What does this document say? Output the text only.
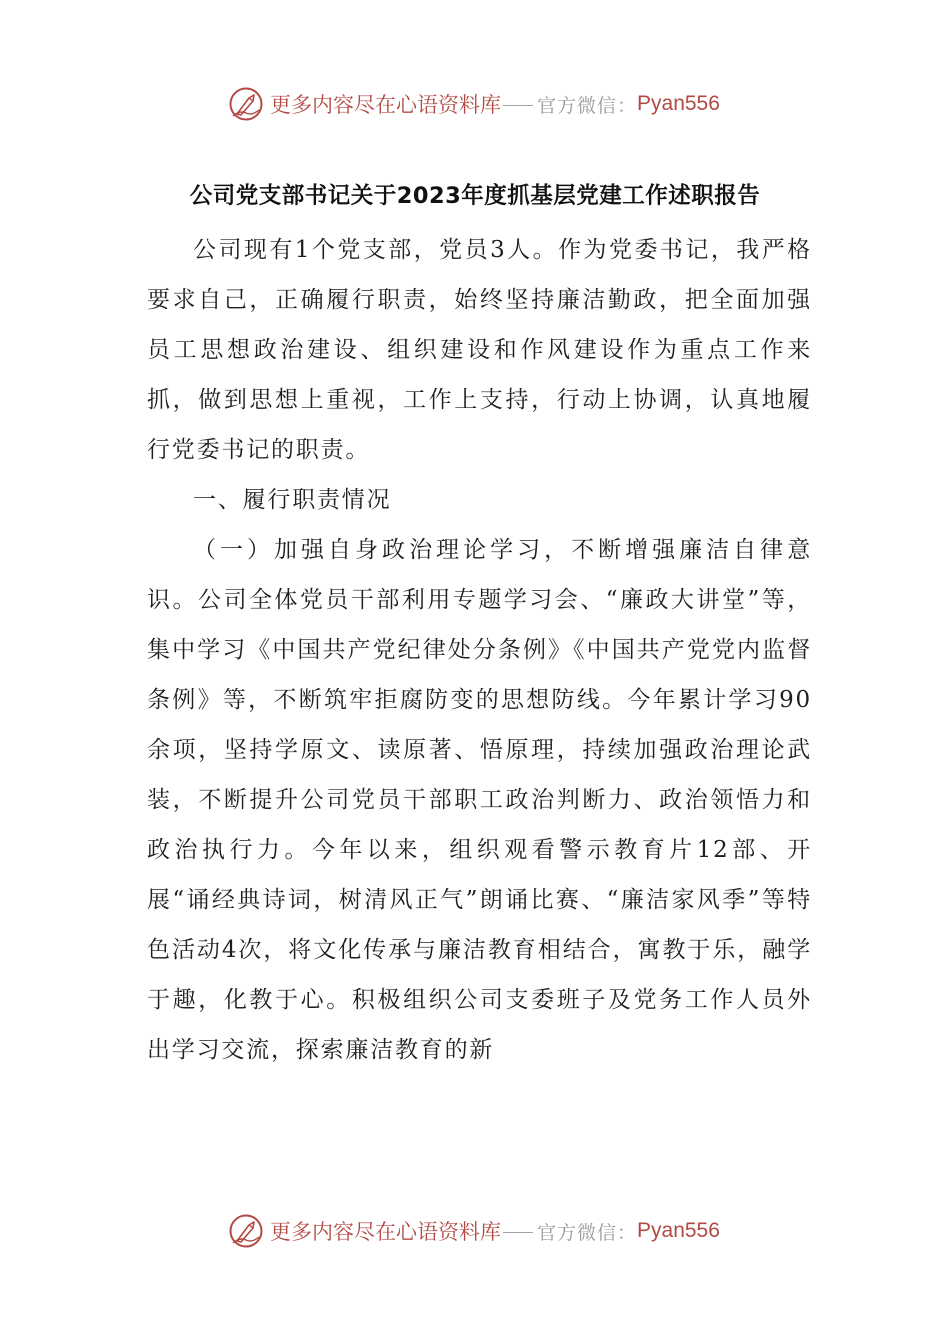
更多内容尽在心语资料库 官方微信： Pyan556
公司党支部书记关于2023年度抓基层党建工作述职报告

公司现有1个党支部，党员3人。作为党委书记，我严格要求自己，正确履行职责，始终坚持廉洁勤政，把全面加强员工思想政治建设、组织建设和作风建设作为重点工作来抓，做到思想上重视，工作上支持，行动上协调，认真地履行党委书记的职责。

一、履行职责情况

（一）加强自身政治理论学习，不断增强廉洁自律意识。公司全体党员干部利用专题学习会、“廉政大讲堂”等，集中学习《中国共产党纪律处分条例》《中国共产党党内监督条例》等，不断筑牢拒腐防变的思想防线。今年累计学习90余项，坚持学原文、读原著、悟原理，持续加强政治理论武装，不断提升公司党员干部职工政治判断力、政治领悟力和政治执行力。今年以来，组织观看警示教育片12部、开展“诵经典诗词，树清风正气”朗诵比赛、“廉洁家风季”等特色活动4次，将文化传承与廉洁教育相结合，寓教于乐，融学于趣，化教于心。积极组织公司支委班子及党务工作人员外出学习交流，探索廉洁教育的新

更多内容尽在心语资料库 官方微信： Pyan556
